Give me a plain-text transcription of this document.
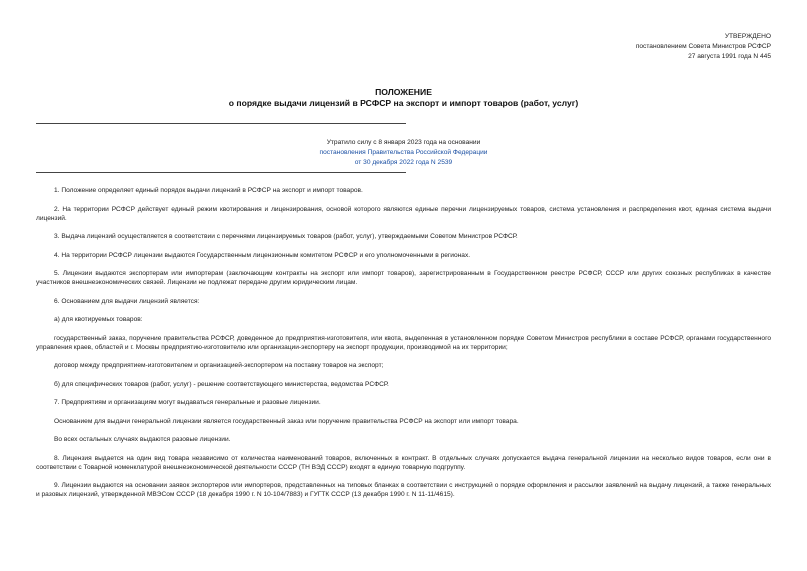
УТВЕРЖДЕНО
постановлением Совета Министров РСФСР
27 августа 1991 года N 445
ПОЛОЖЕНИЕ
о порядке выдачи лицензий в РСФСР на экспорт и импорт товаров (работ, услуг)
Утратило силу с 8 января 2023 года на основании
постановления Правительства Российской Федерации
от 30 декабря 2022 года N 2539

1. Положение определяет единый порядок выдачи лицензий в РСФСР на экспорт и импорт товаров.

2. На территории РСФСР действует единый режим квотирования и лицензирования, основой которого являются единые перечни лицензируемых товаров, система установления и распределения квот, единая система выдачи лицензий.

3. Выдача лицензий осуществляется в соответствии с перечнями лицензируемых товаров (работ, услуг), утверждаемыми Советом Министров РСФСР.

4. На территории РСФСР лицензии выдаются Государственным лицензионным комитетом РСФСР и его уполномоченными в регионах.

5. Лицензии выдаются экспортерам или импортерам (заключающим контракты на экспорт или импорт товаров), зарегистрированным в Государственном реестре РСФСР, СССР или других союзных республиках в качестве участников внешнеэкономических связей. Лицензии не подлежат передаче другим юридическим лицам.

6. Основанием для выдачи лицензий является:

а) для квотируемых товаров:

государственный заказ, поручение правительства РСФСР, доведенное до предприятия-изготовителя, или квота, выделенная в установленном порядке Советом Министров республики в составе РСФСР, органами государственного управления краев, областей и г. Москвы предприятию-изготовителю или организации-экспортеру на экспорт продукции, производимой на их территории;

договор между предприятием-изготовителем и организацией-экспортером на поставку товаров на экспорт;

б) для специфических товаров (работ, услуг) - решение соответствующего министерства, ведомства РСФСР.

7. Предприятиям и организациям могут выдаваться генеральные и разовые лицензии.

Основанием для выдачи генеральной лицензии является государственный заказ или поручение правительства РСФСР на экспорт или импорт товара.

Во всех остальных случаях выдаются разовые лицензии.

8. Лицензия выдается на один вид товара независимо от количества наименований товаров, включенных в контракт. В отдельных случаях допускается выдача генеральной лицензии на несколько видов товаров, если они в соответствии с Товарной номенклатурой внешнеэкономической деятельности СССР (ТН ВЭД СССР) входят в единую товарную подгруппу.

9. Лицензии выдаются на основании заявок экспортеров или импортеров, представленных на типовых бланках в соответствии с инструкцией о порядке оформления и рассылки заявлений на выдачу лицензий, а также генеральных и разовых лицензий, утвержденной МВЭСом СССР (18 декабря 1990 г. N 10-104/7883) и ГУГТК СССР (13 декабря 1990 г. N 11-11/4615).
